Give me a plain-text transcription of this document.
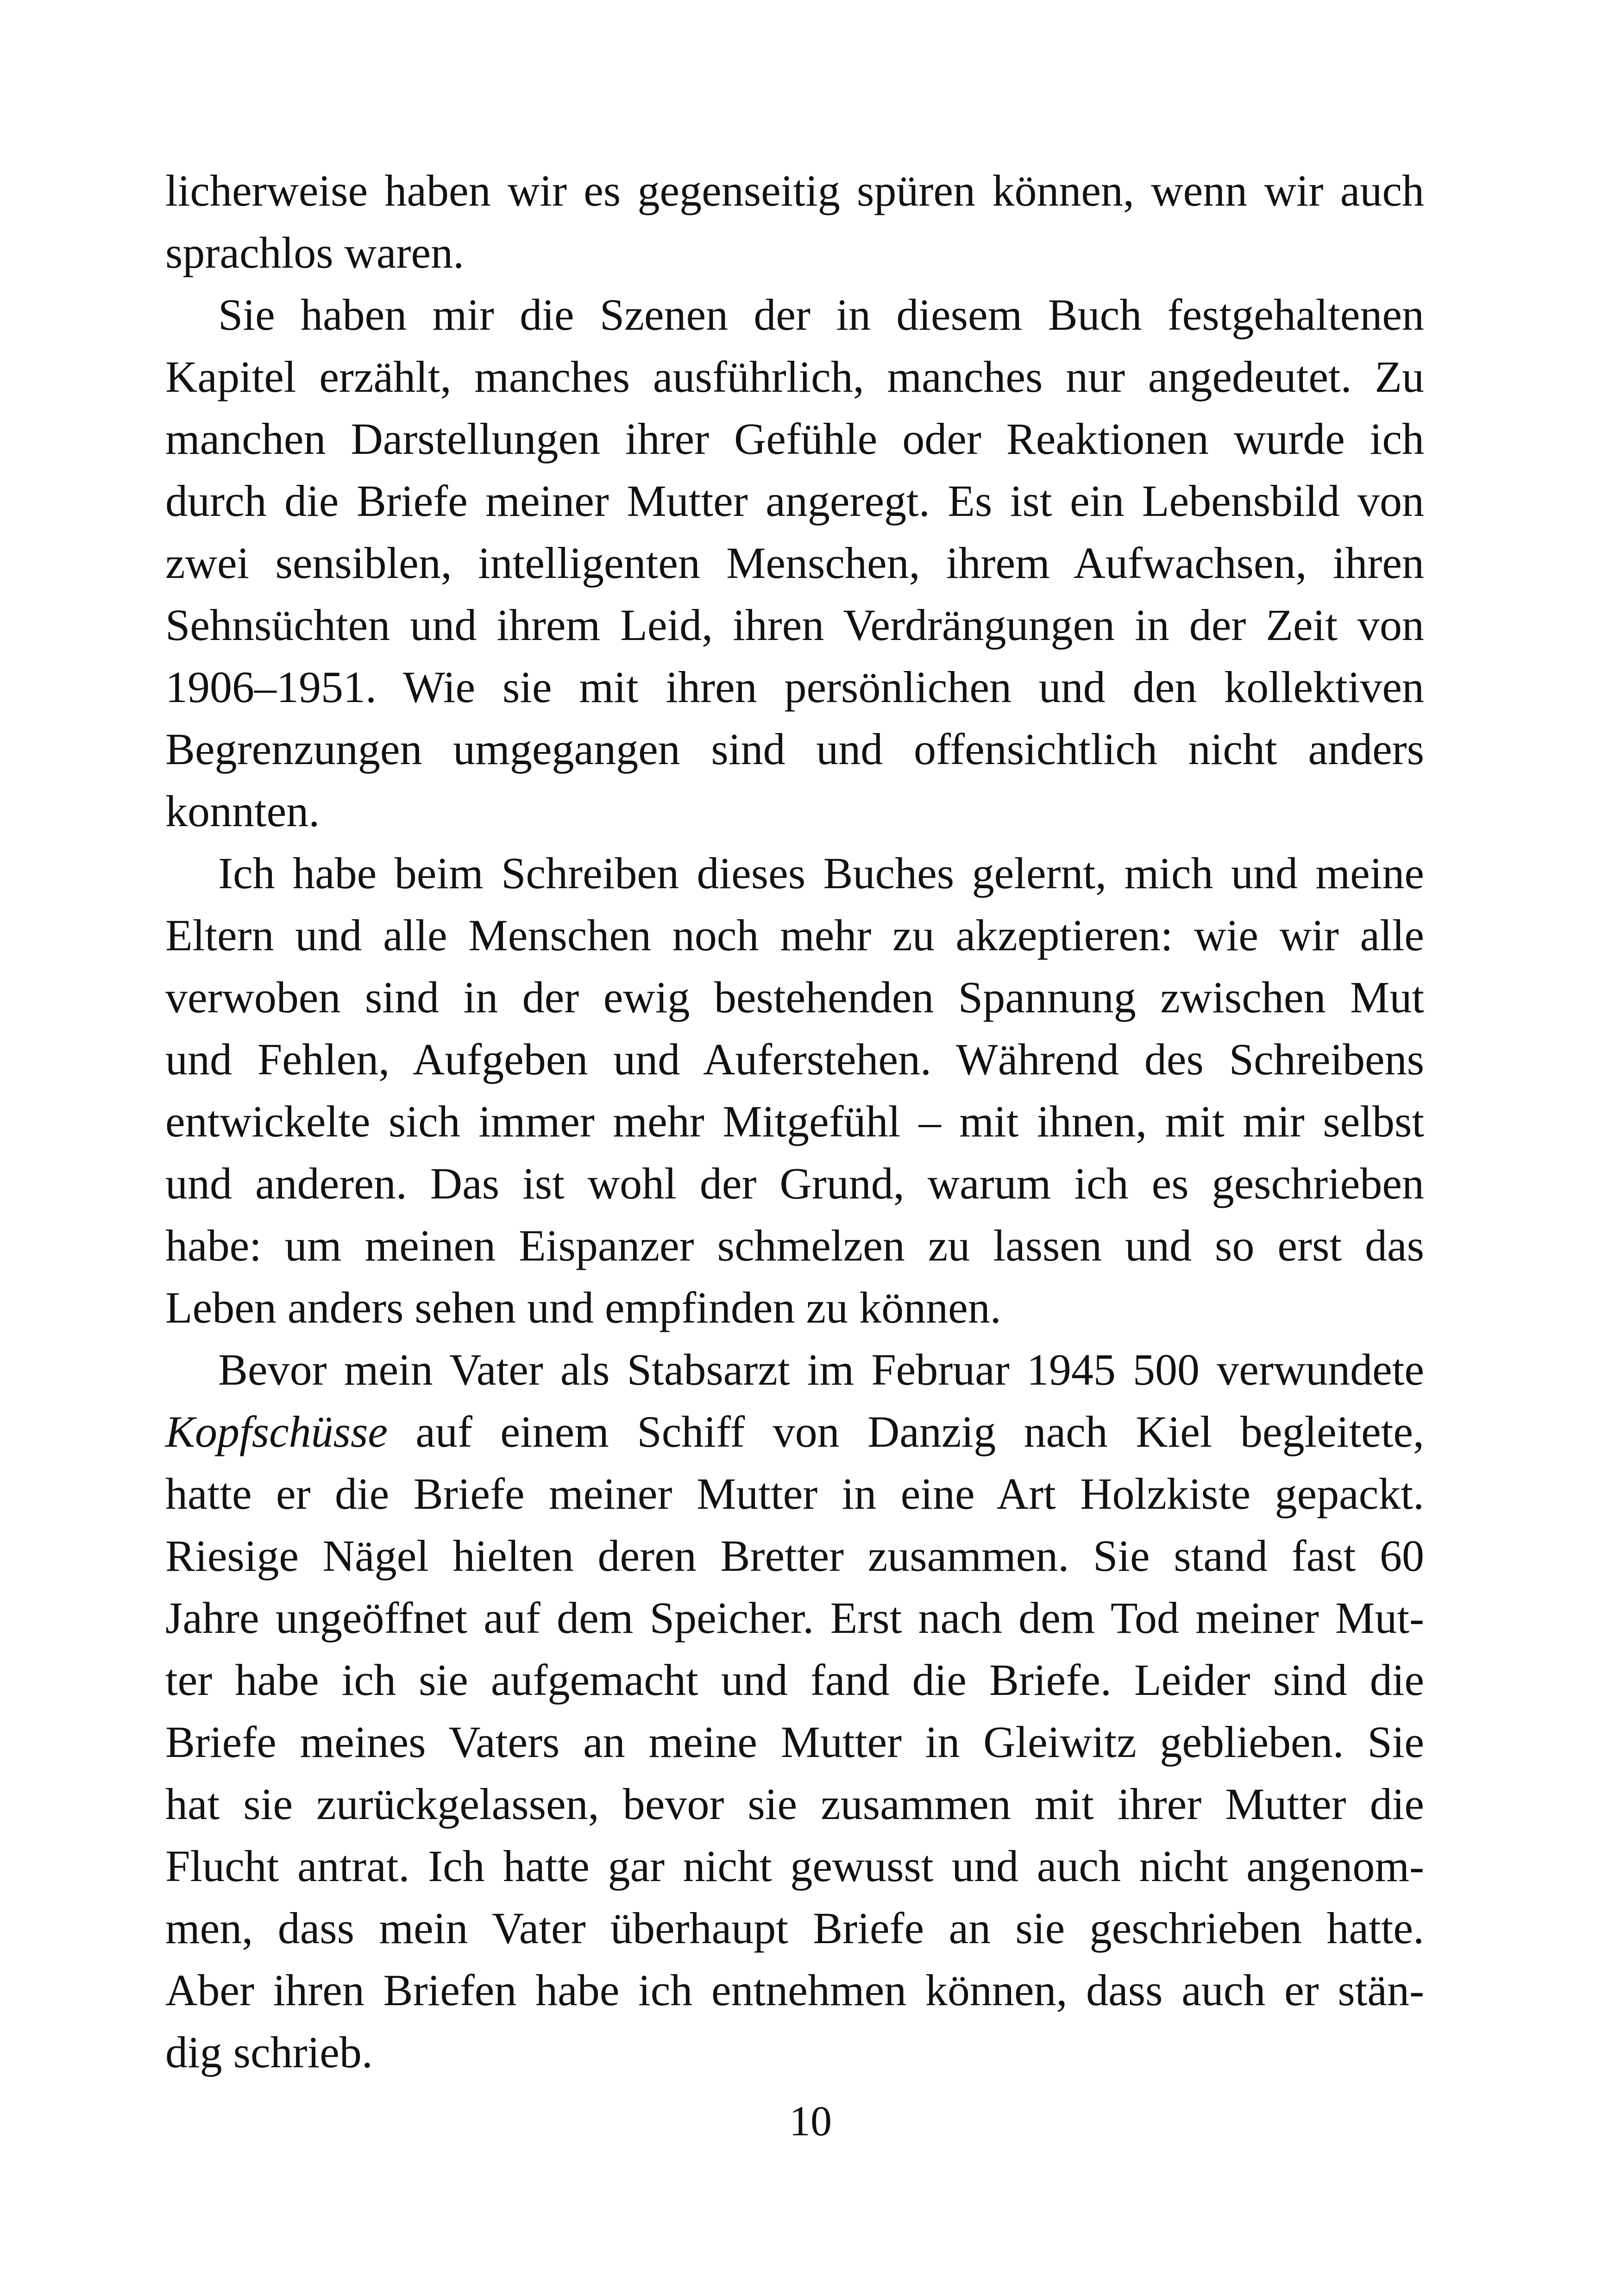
licherweise haben wir es gegenseitig spüren können, wenn wir auch
sprachlos waren.
Sie haben mir die Szenen der in diesem Buch festgehaltenen
Kapitel erzählt, manches ausführlich, manches nur angedeutet. Zu
manchen Darstellungen ihrer Gefühle oder Reaktionen wurde ich
durch die Briefe meiner Mutter angeregt. Es ist ein Lebensbild von
zwei sensiblen, intelligenten Menschen, ihrem Aufwachsen, ihren
Sehnsüchten und ihrem Leid, ihren Verdrängungen in der Zeit von
1906–1951. Wie sie mit ihren persönlichen und den kollektiven
Begrenzungen umgegangen sind und offensichtlich nicht anders
konnten.
Ich habe beim Schreiben dieses Buches gelernt, mich und meine
Eltern und alle Menschen noch mehr zu akzeptieren: wie wir alle
verwoben sind in der ewig bestehenden Spannung zwischen Mut
und Fehlen, Aufgeben und Auferstehen. Während des Schreibens
entwickelte sich immer mehr Mitgefühl – mit ihnen, mit mir selbst
und anderen. Das ist wohl der Grund, warum ich es geschrieben
habe: um meinen Eispanzer schmelzen zu lassen und so erst das
Leben anders sehen und empfinden zu können.
Bevor mein Vater als Stabsarzt im Februar 1945 500 verwundete
Kopfschüsse auf einem Schiff von Danzig nach Kiel begleitete,
hatte er die Briefe meiner Mutter in eine Art Holzkiste gepackt.
Riesige Nägel hielten deren Bretter zusammen. Sie stand fast 60
Jahre ungeöffnet auf dem Speicher. Erst nach dem Tod meiner Mut-
ter habe ich sie aufgemacht und fand die Briefe. Leider sind die
Briefe meines Vaters an meine Mutter in Gleiwitz geblieben. Sie
hat sie zurückgelassen, bevor sie zusammen mit ihrer Mutter die
Flucht antrat. Ich hatte gar nicht gewusst und auch nicht angenom-
men, dass mein Vater überhaupt Briefe an sie geschrieben hatte.
Aber ihren Briefen habe ich entnehmen können, dass auch er stän-
dig schrieb.
10
